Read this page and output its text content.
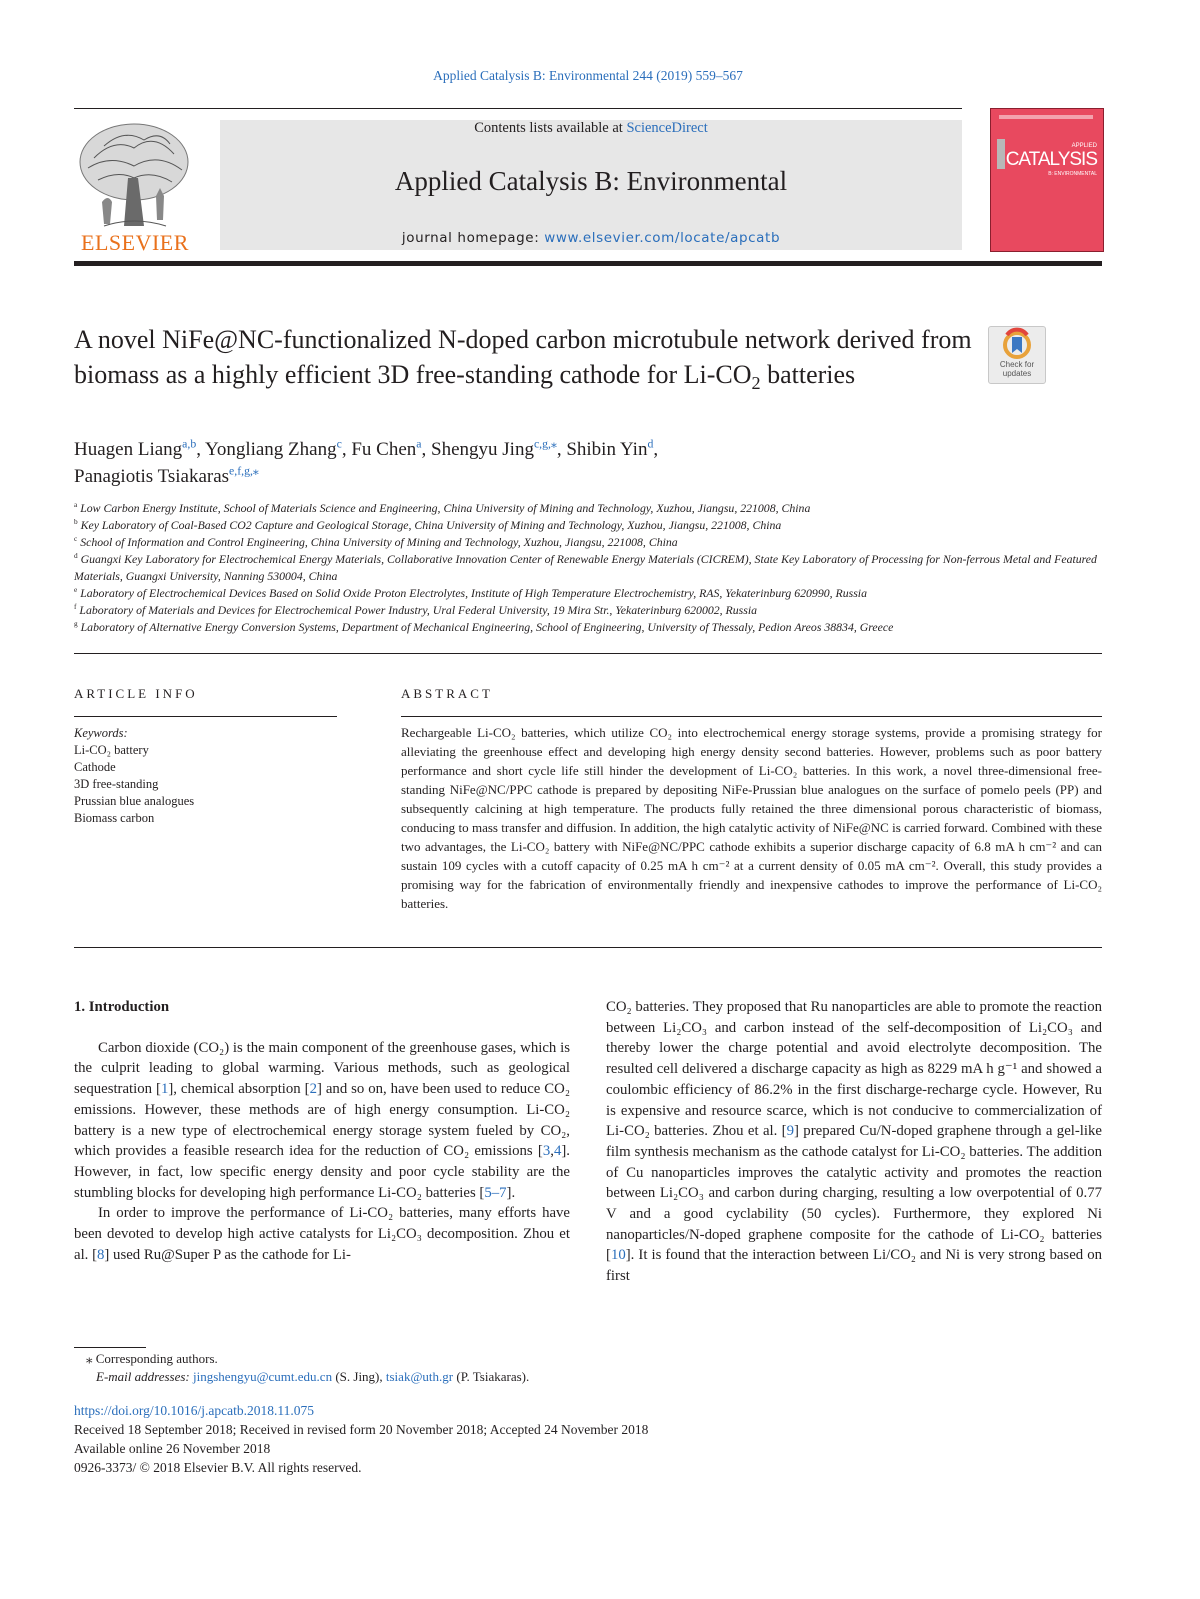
Applied Catalysis B: Environmental 244 (2019) 559–567
ELSEVIER
Contents lists available at ScienceDirect
Applied Catalysis B: Environmental
journal homepage: www.elsevier.com/locate/apcatb
APPLIED
CATALYSIS
B: ENVIRONMENTAL
A novel NiFe@NC-functionalized N-doped carbon microtubule network derived from biomass as a highly efficient 3D free-standing cathode for $Li-CO_2$ batteries	Check for
updates
Huagen Liang$^{a,b}$, Yongliang Zhang$^c$, Fu Chen$^a$, Shengyu Jing$^{c,g,⁎}$, Shibin Yin$^d$,
Panagiotis Tsiakaras$^{e,f,g,⁎}$
$^a$ Low Carbon Energy Institute, School of Materials Science and Engineering, China University of Mining and Technology, Xuzhou, Jiangsu, 221008, China
$^b$ Key Laboratory of Coal-Based CO2 Capture and Geological Storage, China University of Mining and Technology, Xuzhou, Jiangsu, 221008, China
$^c$ School of Information and Control Engineering, China University of Mining and Technology, Xuzhou, Jiangsu, 221008, China
$^d$ Guangxi Key Laboratory for Electrochemical Energy Materials, Collaborative Innovation Center of Renewable Energy Materials (CICREM), State Key Laboratory of Processing for Non-ferrous Metal and Featured Materials, Guangxi University, Nanning 530004, China
$^e$ Laboratory of Electrochemical Devices Based on Solid Oxide Proton Electrolytes, Institute of High Temperature Electrochemistry, RAS, Yekaterinburg 620990, Russia
$^f$ Laboratory of Materials and Devices for Electrochemical Power Industry, Ural Federal University, 19 Mira Str., Yekaterinburg 620002, Russia
$^g$ Laboratory of Alternative Energy Conversion Systems, Department of Mechanical Engineering, School of Engineering, University of Thessaly, Pedion Areos 38834, Greece
ARTICLE INFO
Keywords:
Li-CO₂ battery
Cathode
3D free-standing
Prussian blue analogues
Biomass carbon
ABSTRACT
Rechargeable Li-CO₂ batteries, which utilize CO₂ into electrochemical energy storage systems, provide a promising strategy for alleviating the greenhouse effect and developing high energy density second batteries. However, problems such as poor battery performance and short cycle life still hinder the development of Li-CO₂ batteries. In this work, a novel three-dimensional free-standing NiFe@NC/PPC cathode is prepared by depositing NiFe-Prussian blue analogues on the surface of pomelo peels (PP) and subsequently calcining at high temperature. The products fully retained the three dimensional porous characteristic of biomass, conducing to mass transfer and diffusion. In addition, the high catalytic activity of NiFe@NC is carried forward. Combined with these two advantages, the Li-CO₂ battery with NiFe@NC/PPC cathode exhibits a superior discharge capacity of 6.8 mA h cm⁻² and can sustain 109 cycles with a cutoff capacity of 0.25 mA h cm⁻² at a current density of 0.05 mA cm⁻². Overall, this study provides a promising way for the fabrication of environmentally friendly and inexpensive cathodes to improve the performance of Li-CO₂ batteries.

1. Introduction

Carbon dioxide (CO₂) is the main component of the greenhouse gases, which is the culprit leading to global warming. Various methods, such as geological sequestration [1], chemical absorption [2] and so on, have been used to reduce CO₂ emissions. However, these methods are of high energy consumption. Li-CO₂ battery is a new type of electrochemical energy storage system fueled by CO₂, which provides a feasible research idea for the reduction of CO₂ emissions [3,4]. However, in fact, low specific energy density and poor cycle stability are the stumbling blocks for developing high performance Li-CO₂ batteries [5–7].

In order to improve the performance of Li-CO₂ batteries, many efforts have been devoted to develop high active catalysts for Li₂CO₃ decomposition. Zhou et al. [8] used Ru@Super P as the cathode for Li-

CO₂ batteries. They proposed that Ru nanoparticles are able to promote the reaction between Li₂CO₃ and carbon instead of the self-decomposition of Li₂CO₃ and thereby lower the charge potential and avoid electrolyte decomposition. The resulted cell delivered a discharge capacity as high as 8229 mA h g⁻¹ and showed a coulombic efficiency of 86.2% in the first discharge-recharge cycle. However, Ru is expensive and resource scarce, which is not conducive to commercialization of Li-CO₂ batteries. Zhou et al. [9] prepared Cu/N-doped graphene through a gel-like film synthesis mechanism as the cathode catalyst for Li-CO₂ batteries. The addition of Cu nanoparticles improves the catalytic activity and promotes the reaction between Li₂CO₃ and carbon during charging, resulting a low overpotential of 0.77 V and a good cyclability (50 cycles). Furthermore, they explored Ni nanoparticles/N-doped graphene composite for the cathode of Li-CO₂ batteries [10]. It is found that the interaction between Li/CO₂ and Ni is very strong based on first

⁎ Corresponding authors.
E-mail addresses: jingshengyu@cumt.edu.cn (S. Jing), tsiak@uth.gr (P. Tsiakaras).
https://doi.org/10.1016/j.apcatb.2018.11.075
Received 18 September 2018; Received in revised form 20 November 2018; Accepted 24 November 2018
Available online 26 November 2018
0926-3373/ © 2018 Elsevier B.V. All rights reserved.
